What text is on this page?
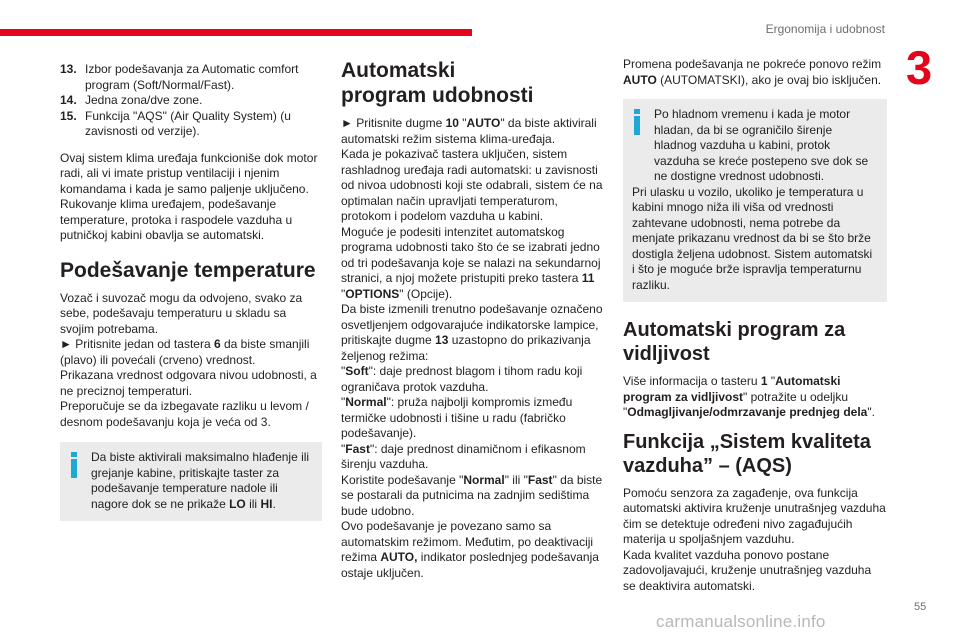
Ergonomija i udobnost
3
13. Izbor podešavanja za Automatic comfort program (Soft/Normal/Fast).
14. Jedna zona/dve zone.
15. Funkcija "AQS" (Air Quality System) (u zavisnosti od verzije).

Ovaj sistem klima uređaja funkcioniše dok motor radi, ali vi imate pristup ventilaciji i njenim komandama i kada je samo paljenje uključeno.

Rukovanje klima uređajem, podešavanje temperature, protoka i raspodele vazduha u putničkoj kabini obavlja se automatski.

Podešavanje temperature

Vozač i suvozač mogu da odvojeno, svako za sebe, podešavaju temperaturu u skladu sa svojim potrebama.

► Pritisnite jedan od tastera 6 da biste smanjili (plavo) ili povećali (crveno) vrednost.

Prikazana vrednost odgovara nivou udobnosti, a ne preciznoj temperaturi.

Preporučuje se da izbegavate razliku u levom / desnom podešavanju koja je veća od 3.

Da biste aktivirali maksimalno hlađenje ili grejanje kabine, pritiskajte taster za podešavanje temperature nadole ili nagore dok se ne prikaže LO ili HI.

Automatski program udobnosti

► Pritisnite dugme 10 "AUTO" da biste aktivirali automatski režim sistema klima-uređaja.

Kada je pokazivač tastera uključen, sistem rashladnog uređaja radi automatski: u zavisnosti od nivoa udobnosti koji ste odabrali, sistem će na optimalan način upravljati temperaturom, protokom i podelom vazduha u kabini.

Moguće je podesiti intenzitet automatskog programa udobnosti tako što će se izabrati jedno od tri podešavanja koje se nalazi na sekundarnoj stranici, a njoj možete pristupiti preko tastera 11 "OPTIONS" (Opcije).

Da biste izmenili trenutno podešavanje označeno osvetljenjem odgovarajuće indikatorske lampice, pritiskajte dugme 13 uzastopno do prikazivanja željenog režima:

"Soft": daje prednost blagom i tihom radu koji ograničava protok vazduha.

"Normal": pruža najbolji kompromis između termičke udobnosti i tišine u radu (fabričko podešavanje).

"Fast": daje prednost dinamičnom i efikasnom širenju vazduha.

Koristite podešavanje "Normal" ili "Fast" da biste se postarali da putnicima na zadnjim sedištima bude udobno.

Ovo podešavanje je povezano samo sa automatskim režimom. Međutim, po deaktivaciji režima AUTO, indikator poslednjeg podešavanja ostaje uključen.

Promena podešavanja ne pokreće ponovo režim AUTO (AUTOMATSKI), ako je ovaj bio isključen.

Po hladnom vremenu i kada je motor hladan, da bi se ograničilo širenje hladnog vazduha u kabini, protok vazduha se kreće postepeno sve dok se ne dostigne vrednost udobnosti.

Pri ulasku u vozilo, ukoliko je temperatura u kabini mnogo niža ili viša od vrednosti zahtevane udobnosti, nema potrebe da menjate prikazanu vrednost da bi se što brže dostigla željena udobnost. Sistem automatski i što je moguće brže ispravlja temperaturnu razliku.

Automatski program za vidljivost

Više informacija o tasteru 1 "Automatski program za vidljivost" potražite u odeljku "Odmagljivanje/odmrzavanje prednjeg dela".

Funkcija „Sistem kvaliteta vazduha” – (AQS)

Pomoću senzora za zagađenje, ova funkcija automatski aktivira kruženje unutrašnjeg vazduha čim se detektuje određeni nivo zagađujućih materija u spoljašnjem vazduhu.

Kada kvalitet vazduha ponovo postane zadovoljavajući, kruženje unutrašnjeg vazduha se deaktivira automatski.

55
carmanualsonline.info
